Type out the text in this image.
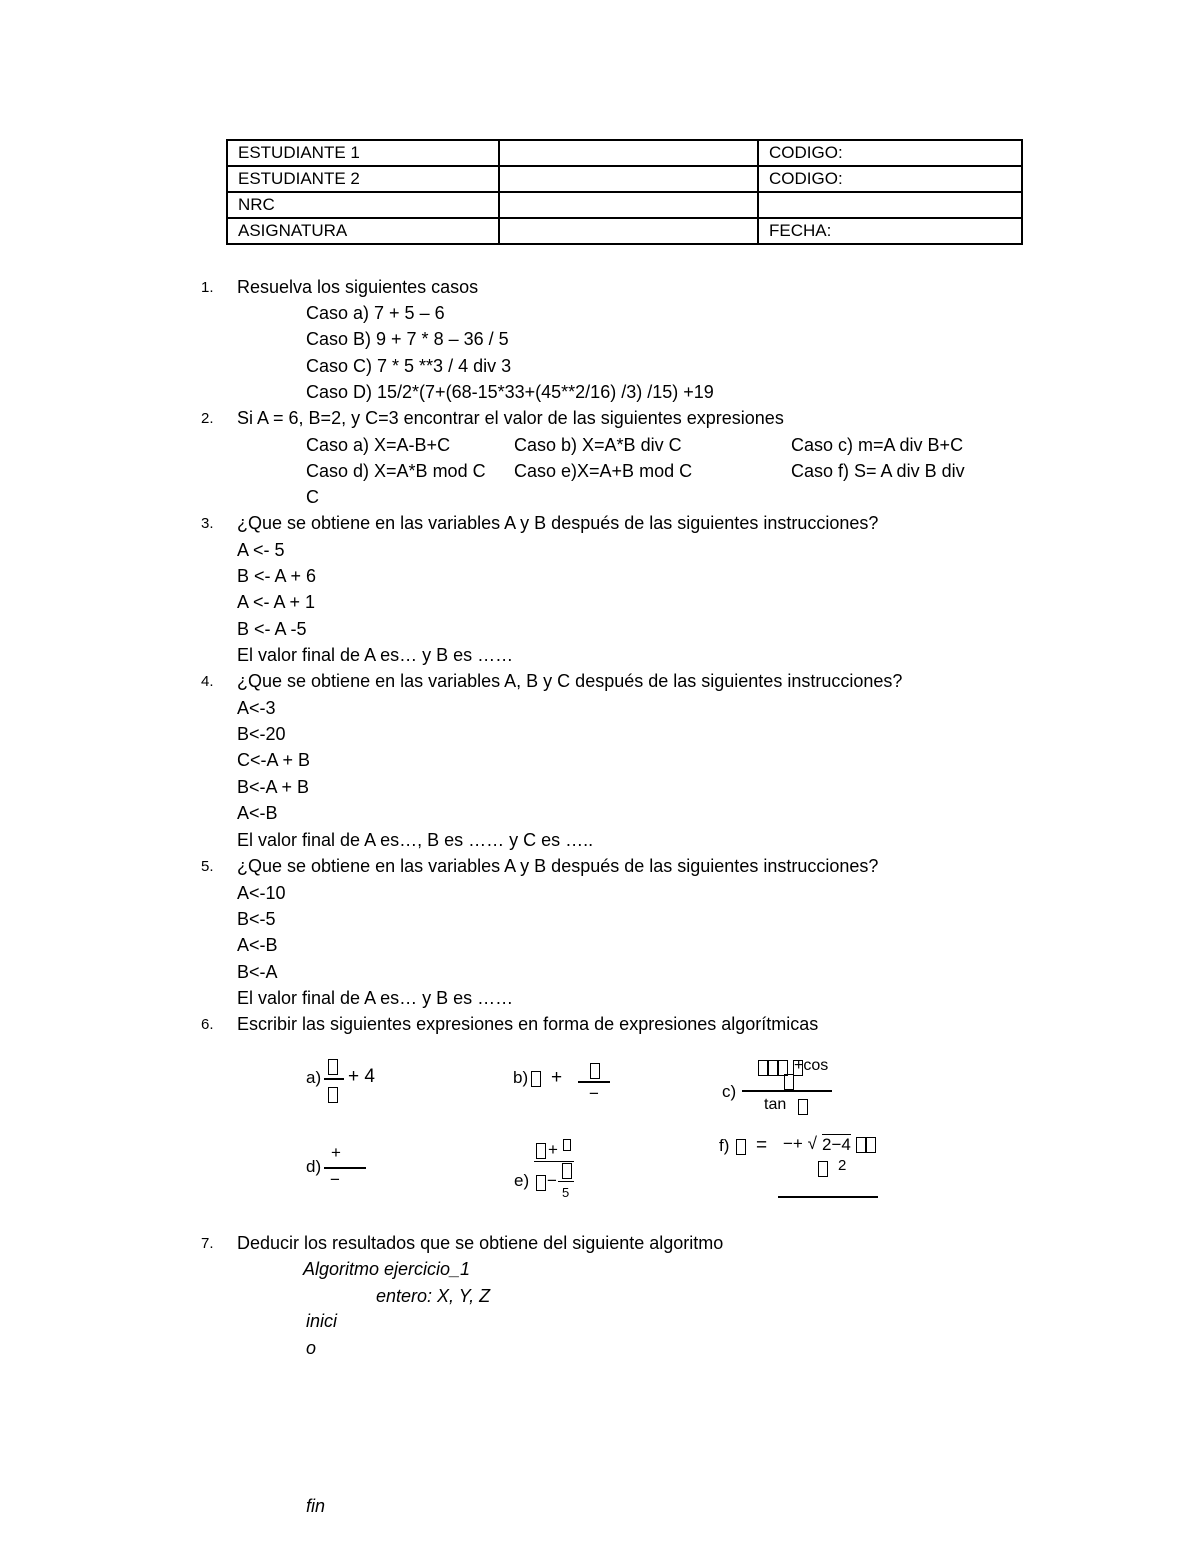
ESTUDIANTE 1		CODIGO:
ESTUDIANTE 2		CODIGO:
NRC		
ASIGNATURA		FECHA:
1. Resuelva los siguientes casos
Caso a) 7 + 5 – 6
Caso B) 9 + 7 * 8 – 36 / 5
Caso C) 7 * 5 **3 / 4 div 3
Caso D) 15/2*(7+(68-15*33+(45**2/16) /3) /15) +19
2. Si A = 6, B=2, y C=3 encontrar el valor de las siguientes expresiones
Caso a) X=A-B+C	Caso b) X=A*B div C	Caso c) m=A div B+C
Caso d) X=A*B mod C Caso e)X=A+B mod C	Caso f) S= A div B div
C
3. ¿Que se obtiene en las variables A y B después de las siguientes instrucciones?
A <- 5
B <- A + 6
A <- A + 1
B <- A -5
El valor final de A es… y B es ……
4. ¿Que se obtiene en las variables A, B y C después de las siguientes instrucciones?
A<-3
B<-20
C<-A + B
B<-A + B
A<-B
El valor final de A es…, B es …… y C es …..
5. ¿Que se obtiene en las variables A y B después de las siguientes instrucciones?
A<-10
B<-5
A<-B
B<-A
El valor final de A es… y B es ……
6. Escribir las siguientes expresiones en forma de expresiones algorítmicas
a) + 4	b) +
−

+cos
c)
tan
+
d)
−
+
e) −
5
f) = −+ √ 2−4
2
7. Deducir los resultados que se obtiene del siguiente algoritmo
Algoritmo ejercicio_1
entero: X, Y, Z
inici
o
fin
